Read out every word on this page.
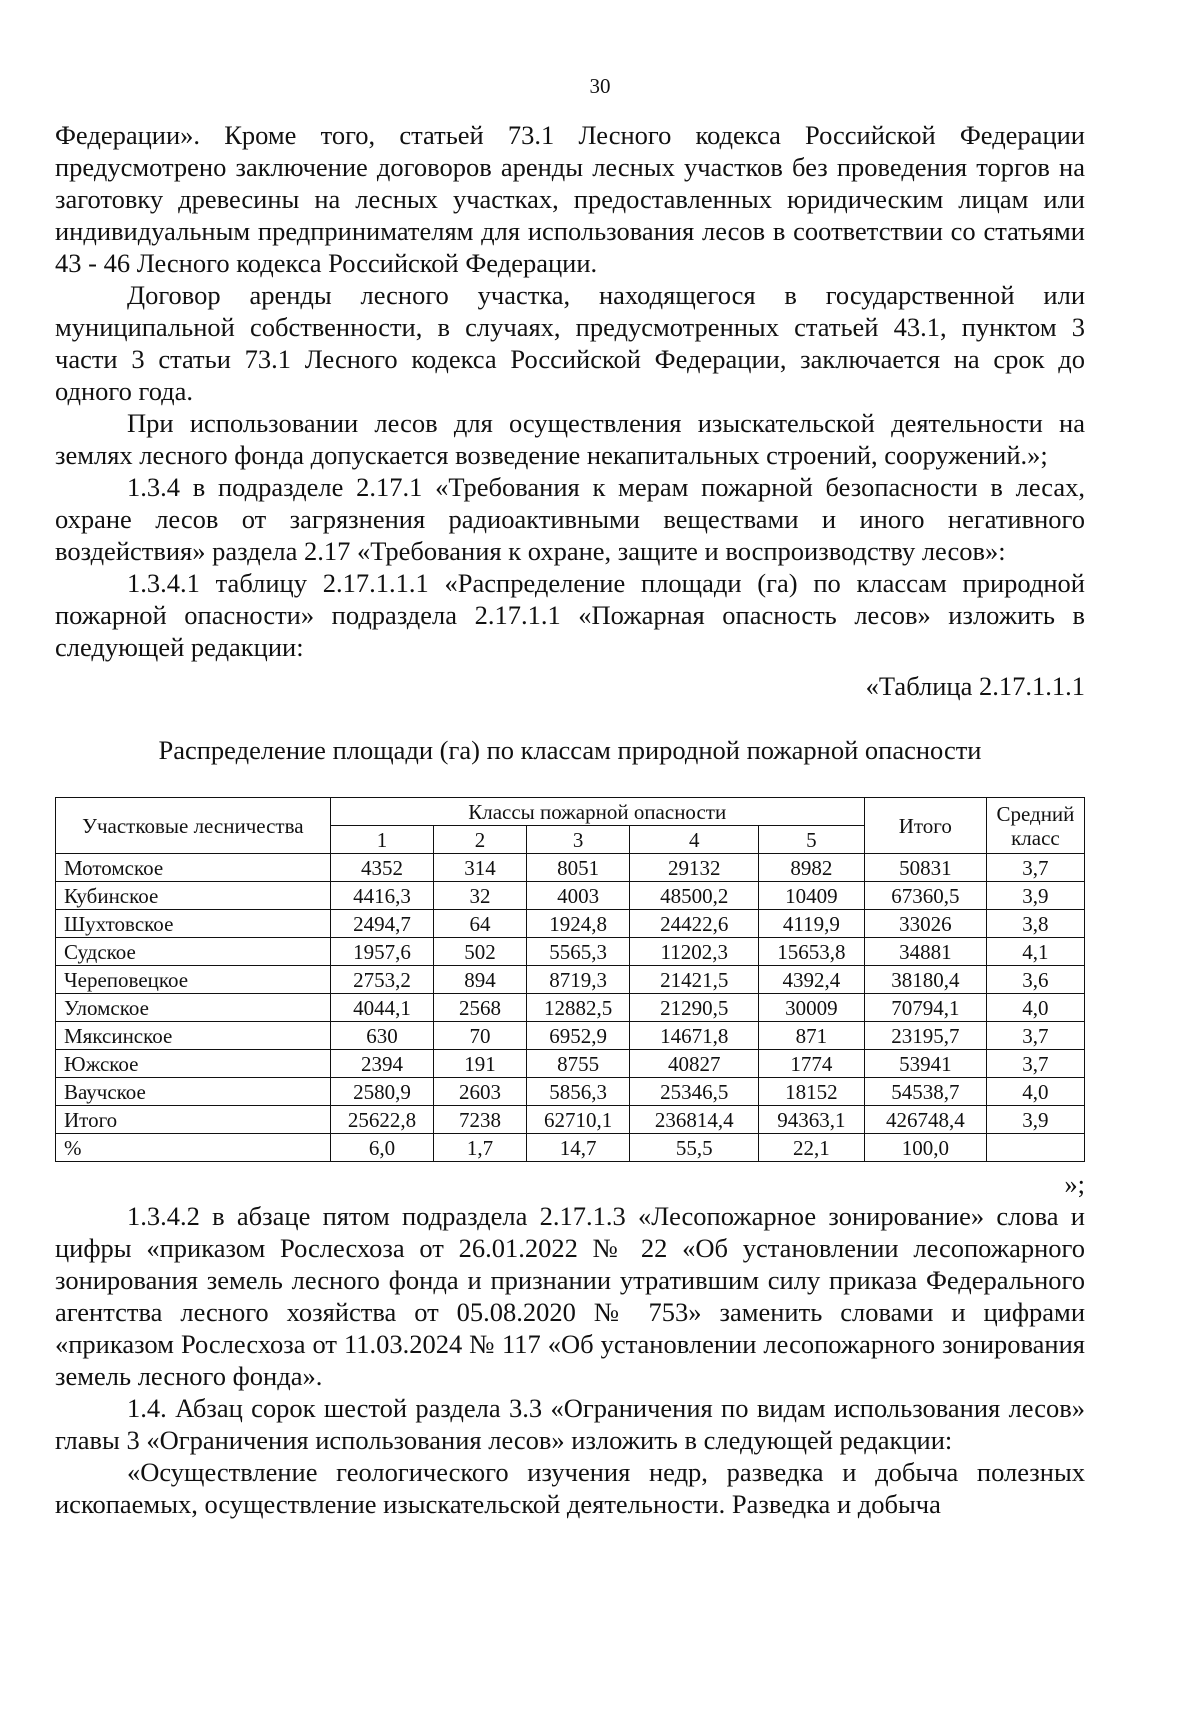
30

Федерации». Кроме того, статьей 73.1 Лесного кодекса Российской Федерации предусмотрено заключение договоров аренды лесных участков без проведения торгов на заготовку древесины на лесных участках, предоставленных юридическим лицам или индивидуальным предпринимателям для использования лесов в соответствии со статьями 43 - 46 Лесного кодекса Российской Федерации.

Договор аренды лесного участка, находящегося в государственной или муниципальной собственности, в случаях, предусмотренных статьей 43.1, пунктом 3 части 3 статьи 73.1 Лесного кодекса Российской Федерации, заключается на срок до одного года.

При использовании лесов для осуществления изыскательской деятельности на землях лесного фонда допускается возведение некапитальных строений, сооружений.»;

1.3.4 в подразделе 2.17.1 «Требования к мерам пожарной безопасности в лесах, охране лесов от загрязнения радиоактивными веществами и иного негативного воздействия» раздела 2.17 «Требования к охране, защите и воспроизводству лесов»:

1.3.4.1 таблицу 2.17.1.1.1 «Распределение площади (га) по классам природной пожарной опасности» подраздела 2.17.1.1 «Пожарная опасность лесов» изложить в следующей редакции:

«Таблица 2.17.1.1.1

Распределение площади (га) по классам природной пожарной опасности

Участковые лесничества	Классы пожарной опасности					Итого	Средний класс
	1	2	3	4	5		
Мотомское	4352	314	8051	29132	8982	50831	3,7
Кубинское	4416,3	32	4003	48500,2	10409	67360,5	3,9
Шухтовское	2494,7	64	1924,8	24422,6	4119,9	33026	3,8
Судское	1957,6	502	5565,3	11202,3	15653,8	34881	4,1
Череповецкое	2753,2	894	8719,3	21421,5	4392,4	38180,4	3,6
Уломское	4044,1	2568	12882,5	21290,5	30009	70794,1	4,0
Мяксинское	630	70	6952,9	14671,8	871	23195,7	3,7
Южское	2394	191	8755	40827	1774	53941	3,7
Ваучское	2580,9	2603	5856,3	25346,5	18152	54538,7	4,0
Итого	25622,8	7238	62710,1	236814,4	94363,1	426748,4	3,9
%	6,0	1,7	14,7	55,5	22,1	100,0	

»;

1.3.4.2 в абзаце пятом подраздела 2.17.1.3 «Лесопожарное зонирование» слова и цифры «приказом Рослесхоза от 26.01.2022 № 22 «Об установлении лесопожарного зонирования земель лесного фонда и признании утратившим силу приказа Федерального агентства лесного хозяйства от 05.08.2020 № 753» заменить словами и цифрами «приказом Рослесхоза от 11.03.2024 № 117 «Об установлении лесопожарного зонирования земель лесного фонда».

1.4. Абзац сорок шестой раздела 3.3 «Ограничения по видам использования лесов» главы 3 «Ограничения использования лесов» изложить в следующей редакции:

«Осуществление геологического изучения недр, разведка и добыча полезных ископаемых, осуществление изыскательской деятельности. Разведка и добыча
